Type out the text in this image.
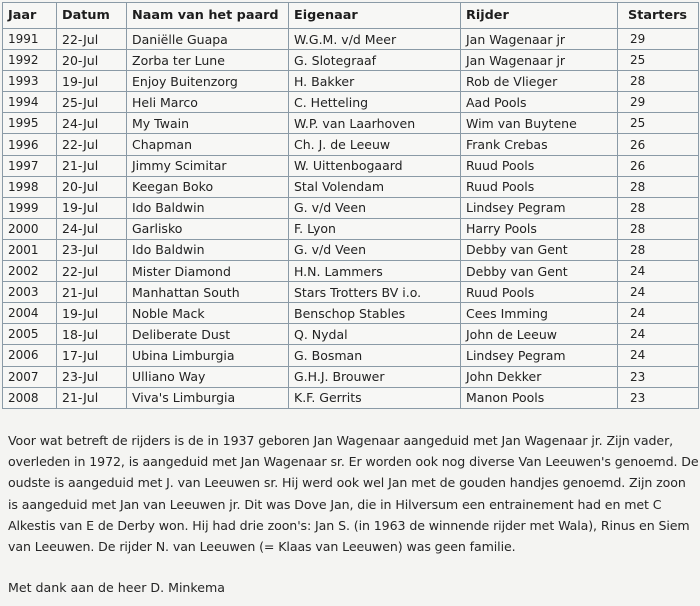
Jaar	Datum	Naam van het paard	Eigenaar	Rijder	Starters
1991	22-Jul	Daniëlle Guapa	W.G.M. v/d Meer	Jan Wagenaar jr	29
1992	20-Jul	Zorba ter Lune	G. Slotegraaf	Jan Wagenaar jr	25
1993	19-Jul	Enjoy Buitenzorg	H. Bakker	Rob de Vlieger	28
1994	25-Jul	Heli Marco	C. Hetteling	Aad Pools	29
1995	24-Jul	My Twain	W.P. van Laarhoven	Wim van Buytene	25
1996	22-Jul	Chapman	Ch. J. de Leeuw	Frank Crebas	26
1997	21-Jul	Jimmy Scimitar	W. Uittenbogaard	Ruud Pools	26
1998	20-Jul	Keegan Boko	Stal Volendam	Ruud Pools	28
1999	19-Jul	Ido Baldwin	G. v/d Veen	Lindsey Pegram	28
2000	24-Jul	Garlisko	F. Lyon	Harry Pools	28
2001	23-Jul	Ido Baldwin	G. v/d Veen	Debby van Gent	28
2002	22-Jul	Mister Diamond	H.N. Lammers	Debby van Gent	24
2003	21-Jul	Manhattan South	Stars Trotters BV i.o.	Ruud Pools	24
2004	19-Jul	Noble Mack	Benschop Stables	Cees Imming	24
2005	18-Jul	Deliberate Dust	Q. Nydal	John de Leeuw	24
2006	17-Jul	Ubina Limburgia	G. Bosman	Lindsey Pegram	24
2007	23-Jul	Ulliano Way	G.H.J. Brouwer	John Dekker	23
2008	21-Jul	Viva's Limburgia	K.F. Gerrits	Manon Pools	23

Voor wat betreft de rijders is de in 1937 geboren Jan Wagenaar aangeduid met Jan Wagenaar jr. Zijn vader,

overleden in 1972, is aangeduid met Jan Wagenaar sr. Er worden ook nog diverse Van Leeuwen's genoemd. De

oudste is aangeduid met J. van Leeuwen sr. Hij werd ook wel Jan met de gouden handjes genoemd. Zijn zoon

is aangeduid met Jan van Leeuwen jr. Dit was Dove Jan, die in Hilversum een entrainement had en met C

Alkestis van E de Derby won. Hij had drie zoon's: Jan S. (in 1963 de winnende rijder met Wala), Rinus en Siem

van Leeuwen. De rijder N. van Leeuwen (= Klaas van Leeuwen) was geen familie.

Met dank aan de heer D. Minkema
